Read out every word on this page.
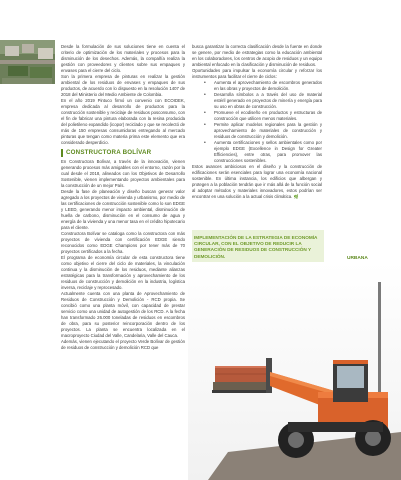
Desde la formulación de sus soluciones tiene en cuenta el criterio de optimización de los materiales y procesos para la disminución de los desechos. Además, la compañía realiza la gestión con proveedores y clientes sobre sus empaques y envases para el cierre del ciclo.

Son la primera empresa de pinturas en realizar la gestión ambiental de los residuos de envases y empaques de sus productos, de acuerdo con lo dispuesto en la resolución 1407 de 2018 del Ministerio del Medio Ambiente de Colombia.

En el año 2019 Pintuco firmó un convenio con ECOIDEK, empresa dedicada al desarrollo de productos para la construcción sostenible y reciclaje de residuos posconsumo, con el fin de fabricar una pintura elaborada con la resina producida del polietileno expandido (icopor) reciclado y que se recolectó de más de 150 empresas consumidoras entregando al mercado pinturas que tengan como materia prima este elemento que era considerado desperdicio.

CONSTRUCTORA BOLÍVAR

En Constructora Bolívar, a través de la innovación, vienen generando procesos más amigables con el entorno, razón por la cual desde el 2018, alineados con los Objetivos de Desarrollo Sostenible, vienen implementando proyectos ambientales para la construcción de un mejor País.

Desde la fase de planeación y diseño buscan generar valor agregado a los proyectos de vivienda y urbanismo, por medio de las certificaciones de construcción sostenible como lo son EDGE y LEED, generando menor impacto ambiental, disminución de huella de carbono, disminución en el consumo de agua y energía de la vivienda y una menor tasa en el crédito hipotecario para el cliente.

Constructora Bolívar se cataloga como la constructora con más proyectos de vivienda con certificación EDGE siendo reconocidos como EDGE Champions por tener más de 70 proyectos certificados a la fecha.

El programa de economía circular de esta constructora tiene como objetivo el cierre del ciclo de materiales, la vinculación continua y la disminución de los residuos, mediante alianzas estratégicas para la transformación y aprovechamiento de los residuos de construcción y demolición en la industria, logística inversa, reciclaje y reprocesado.

Actualmente cuenta con una planta de Aprovechamiento de Residuos de Construcción y Demolición - RCD propia. Se concibió como una planta móvil, con capacidad de prestar servicio como una unidad de autogestión de los RCD. A la fecha han transformado 26.000 toneladas de residuos en escombros de obra, para su posterior reincorporación dentro de los proyectos. La planta se encuentra localizada en el macroproyecto Ciudad del Valle, Candelaria, Valle del Cauca.

Además, vienen ejecutando el proyecto Verde Bolívar de gestión de residuos de construcción y demolición RCD que

busca garantizar la correcta clasificación desde la fuente en donde se genere, por medio de estrategias como la educación ambiental en los colaboradores, los centros de acopio de residuos y un equipo ambiental enfocado en la clasificación y disminución de residuos.

Oportunidades para impulsar la economía circular y reforzar los instrumentos para facilitar el cierre de ciclos:

• Aumenta el aprovechamiento de escombros generados en las obras y proyectos de demolición.
• Desarrolla símbolos a a través del uso de material estéril generado en proyectos de minería y energía para su uso en obras de construcción.
• Promueve el ecodiseño en productos y estructuras de construcción que utilicen menos materiales.
• Permite aplicar modelos regionales para la gestión y aprovechamiento de materiales de construcción y residuos de construcción y demolición.
• Aumenta certificaciones y sellos ambientales como por ejemplo EDGE (Excellence in Design for Greater Efficiencies), entre otras, para promover las construcciones sostenibles.

Estos avances ambiciosos en el diseño y la construcción de edificaciones serán esenciales para lograr una economía nacional sostenible. En última instancia, los edificios que albergan y protegen a la población tendrán que ir más allá de la función social al adoptar métodos y materiales innovadores, estos podrían ser encontrar en una solución a la actual crisis climática. 🌿

IMPLEMENTACIÓN DE LA ESTRATEGIA DE ECONOMÍA CIRCULAR, CON EL OBJETIVO DE REDUCIR LA GENERACIÓN DE RESIDUOS DE CONSTRUCCIÓN Y DEMOLICIÓN.	URBANA
